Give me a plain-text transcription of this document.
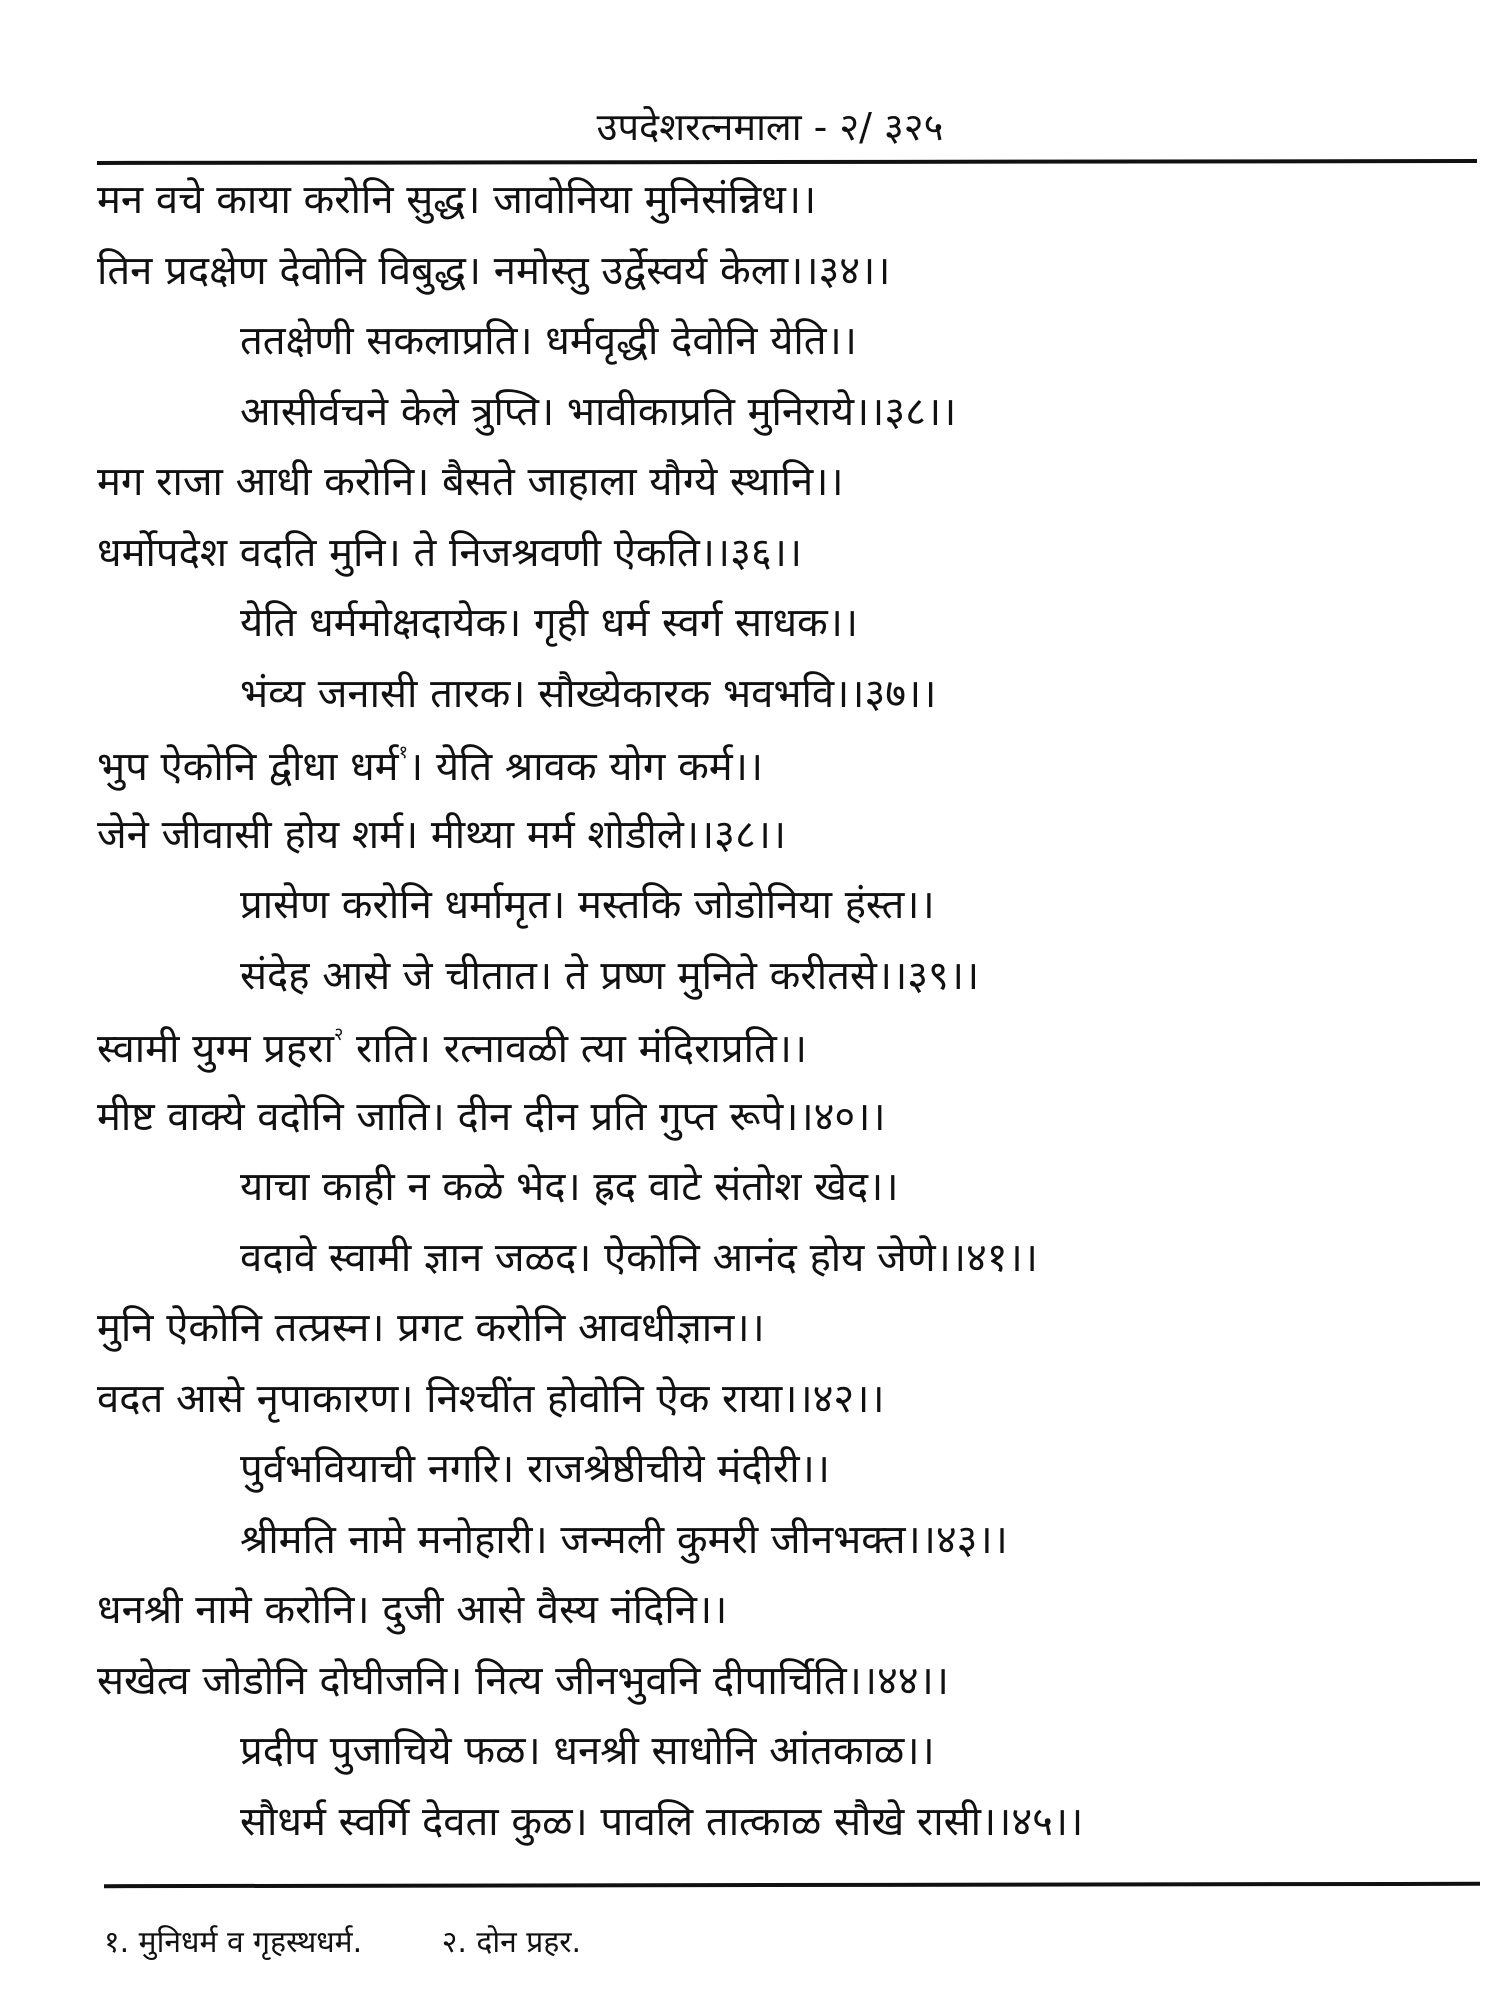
उपदेशरत्नमाला - २/ ३२५
मन वचे काया करोनि सुद्ध। जावोनिया मुनिसंन्निध।।
तिन प्रदक्षेण देवोनि विबुद्ध। नमोस्तु उर्द्वेस्वर्य केला।।३४।।
ततक्षेणी सकलाप्रति। धर्मवृद्धी देवोनि येति।।
आसीर्वचने केले त्रुप्ति। भावीकाप्रति मुनिराये।।३८।।
मग राजा आधी करोनि। बैसते जाहाला यौग्ये स्थानि।।
धर्मोपदेश वदति मुनि। ते निजश्रवणी ऐकति।।३६।।
येति धर्ममोक्षदायेक। गृही धर्म स्वर्ग साधक।।
भंव्य जनासी तारक। सौख्येकारक भवभवि।।३७।।
भुप ऐकोनि द्वीधा धर्म$^१$। येति श्रावक योग कर्म।।
जेने जीवासी होय शर्म। मीथ्या मर्म शोडीले।।३८।।
प्रासेण करोनि धर्मामृत। मस्तकि जोडोनिया हंस्त।।
संदेह आसे जे चीतात। ते प्रष्ण मुनिते करीतसे।।३९।।
स्वामी युग्म प्रहरा$^२$ राति। रत्नावळी त्या मंदिराप्रति।।
मीष्ट वाक्ये वदोनि जाति। दीन दीन प्रति गुप्त रूपे।।४०।।
याचा काही न कळे भेद। ह्रद वाटे संतोश खेद।।
वदावे स्वामी ज्ञान जळद। ऐकोनि आनंद होय जेणे।।४१।।
मुनि ऐकोनि तत्प्रस्न। प्रगट करोनि आवधीज्ञान।।
वदत आसे नृपाकारण। निश्चींत होवोनि ऐक राया।।४२।।
पुर्वभवियाची नगरि। राजश्रेष्ठीचीये मंदीरी।।
श्रीमति नामे मनोहारी। जन्मली कुमरी जीनभक्त।।४३।।
धनश्री नामे करोनि। दुजी आसे वैस्य नंदिनि।।
सखेत्व जोडोनि दोघीजनि। नित्य जीनभुवनि दीपार्चिति।।४४।।
प्रदीप पुजाचिये फळ। धनश्री साधोनि आंतकाळ।।
सौधर्म स्वर्गि देवता कुळ। पावलि तात्काळ सौखे रासी।।४५।।
१. मुनिधर्म व गृहस्थधर्म.	२. दोन प्रहर.
